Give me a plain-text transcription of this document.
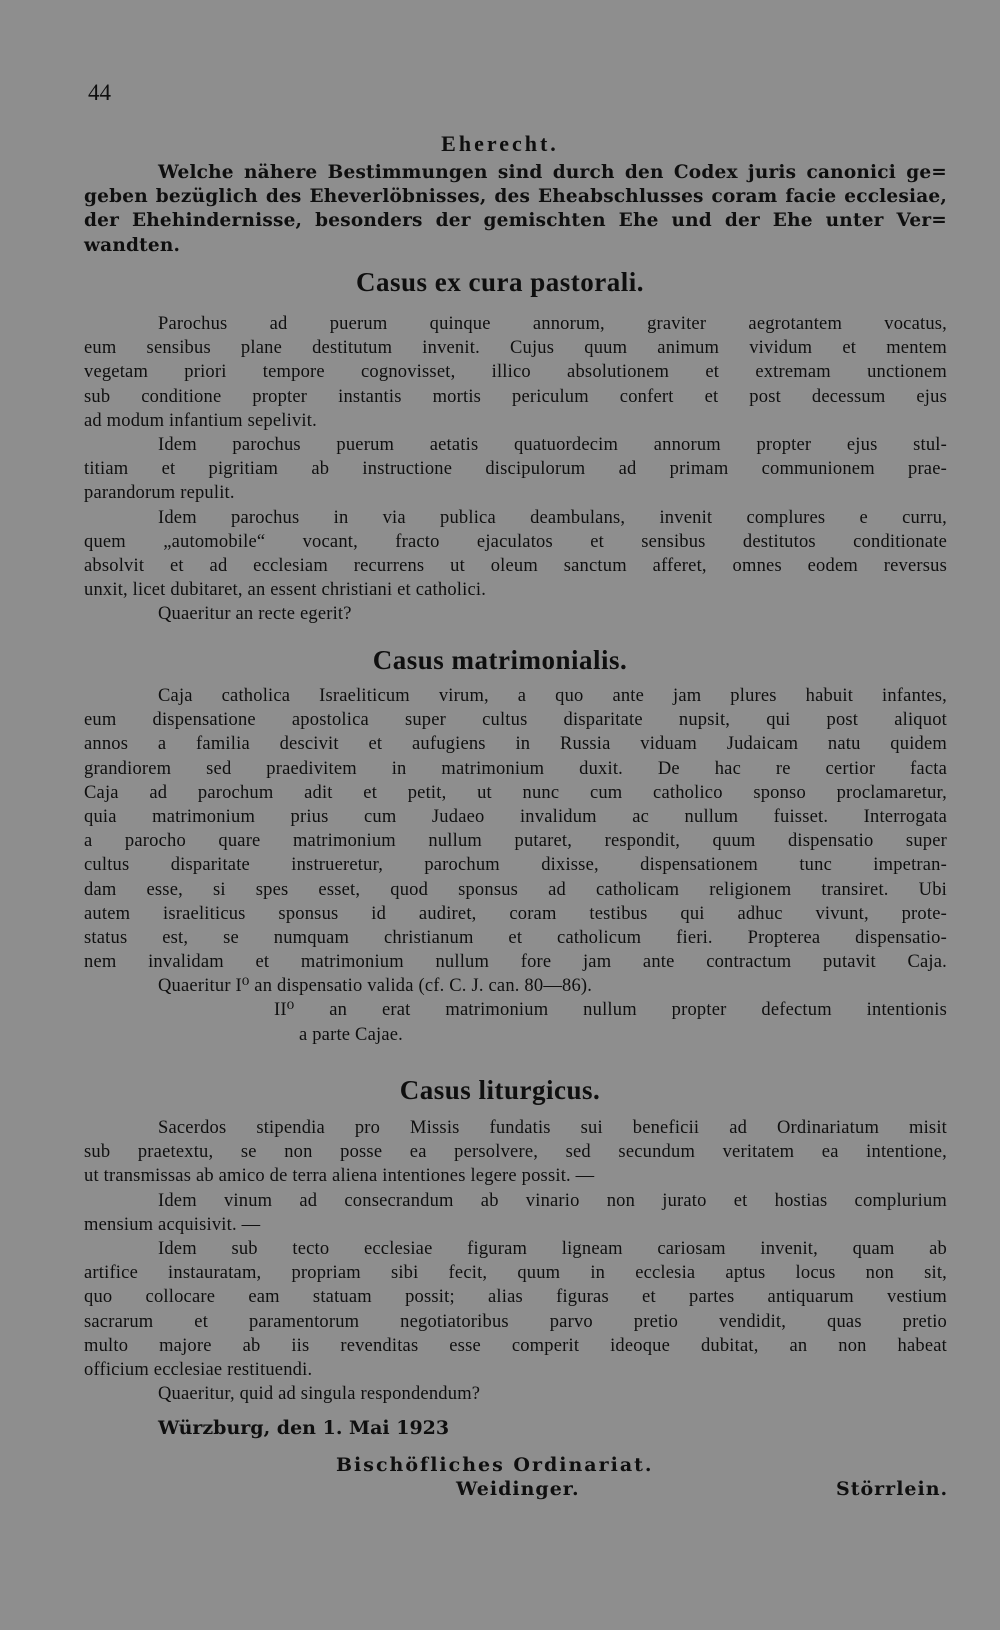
44
Eherecht.
Welche nähere Bestimmungen sind durch den Codex juris canonici ge=
geben bezüglich des Eheverlöbnisses, des Eheabschlusses coram facie ecclesiae,
der Ehehindernisse, besonders der gemischten Ehe und der Ehe unter Ver=
wandten.
Casus ex cura pastorali.
Parochus ad puerum quinque annorum, graviter aegrotantem vocatus,
eum sensibus plane destitutum invenit. Cujus quum animum vividum et mentem
vegetam priori tempore cognovisset, illico absolutionem et extremam unctionem
sub conditione propter instantis mortis periculum confert et post decessum ejus
ad modum infantium sepelivit.
Idem parochus puerum aetatis quatuordecim annorum propter ejus stul-
titiam et pigritiam ab instructione discipulorum ad primam communionem prae-
parandorum repulit.
Idem parochus in via publica deambulans, invenit complures e curru,
quem „automobile“ vocant, fracto ejaculatos et sensibus destitutos conditionate
absolvit et ad ecclesiam recurrens ut oleum sanctum afferet, omnes eodem reversus
unxit, licet dubitaret, an essent christiani et catholici.
Quaeritur an recte egerit?
Casus matrimonialis.
Caja catholica Israeliticum virum, a quo ante jam plures habuit infantes,
eum dispensatione apostolica super cultus disparitate nupsit, qui post aliquot
annos a familia descivit et aufugiens in Russia viduam Judaicam natu quidem
grandiorem sed praedivitem in matrimonium duxit. De hac re certior facta
Caja ad parochum adit et petit, ut nunc cum catholico sponso proclamaretur,
quia matrimonium prius cum Judaeo invalidum ac nullum fuisset. Interrogata
a parocho quare matrimonium nullum putaret, respondit, quum dispensatio super
cultus disparitate instrueretur, parochum dixisse, dispensationem tunc impetran-
dam esse, si spes esset, quod sponsus ad catholicam religionem transiret. Ubi
autem israeliticus sponsus id audiret, coram testibus qui adhuc vivunt, prote-
status est, se numquam christianum et catholicum fieri. Propterea dispensatio-
nem invalidam et matrimonium nullum fore jam ante contractum putavit Caja.
Quaeritur I⁰ an dispensatio valida (cf. C. J. can. 80—86).
II⁰ an erat matrimonium nullum propter defectum intentionis
a parte Cajae.
Casus liturgicus.
Sacerdos stipendia pro Missis fundatis sui beneficii ad Ordinariatum misit
sub praetextu, se non posse ea persolvere, sed secundum veritatem ea intentione,
ut transmissas ab amico de terra aliena intentiones legere possit. —
Idem vinum ad consecrandum ab vinario non jurato et hostias complurium
mensium acquisivit. —
Idem sub tecto ecclesiae figuram ligneam cariosam invenit, quam ab
artifice instauratam, propriam sibi fecit, quum in ecclesia aptus locus non sit,
quo collocare eam statuam possit; alias figuras et partes antiquarum vestium
sacrarum et paramentorum negotiatoribus parvo pretio vendidit, quas pretio
multo majore ab iis revenditas esse comperit ideoque dubitat, an non habeat
officium ecclesiae restituendi.
Quaeritur, quid ad singula respondendum?
Würzburg, den 1. Mai 1923
Bischöfliches Ordinariat.
Weidinger.	Störrlein.
